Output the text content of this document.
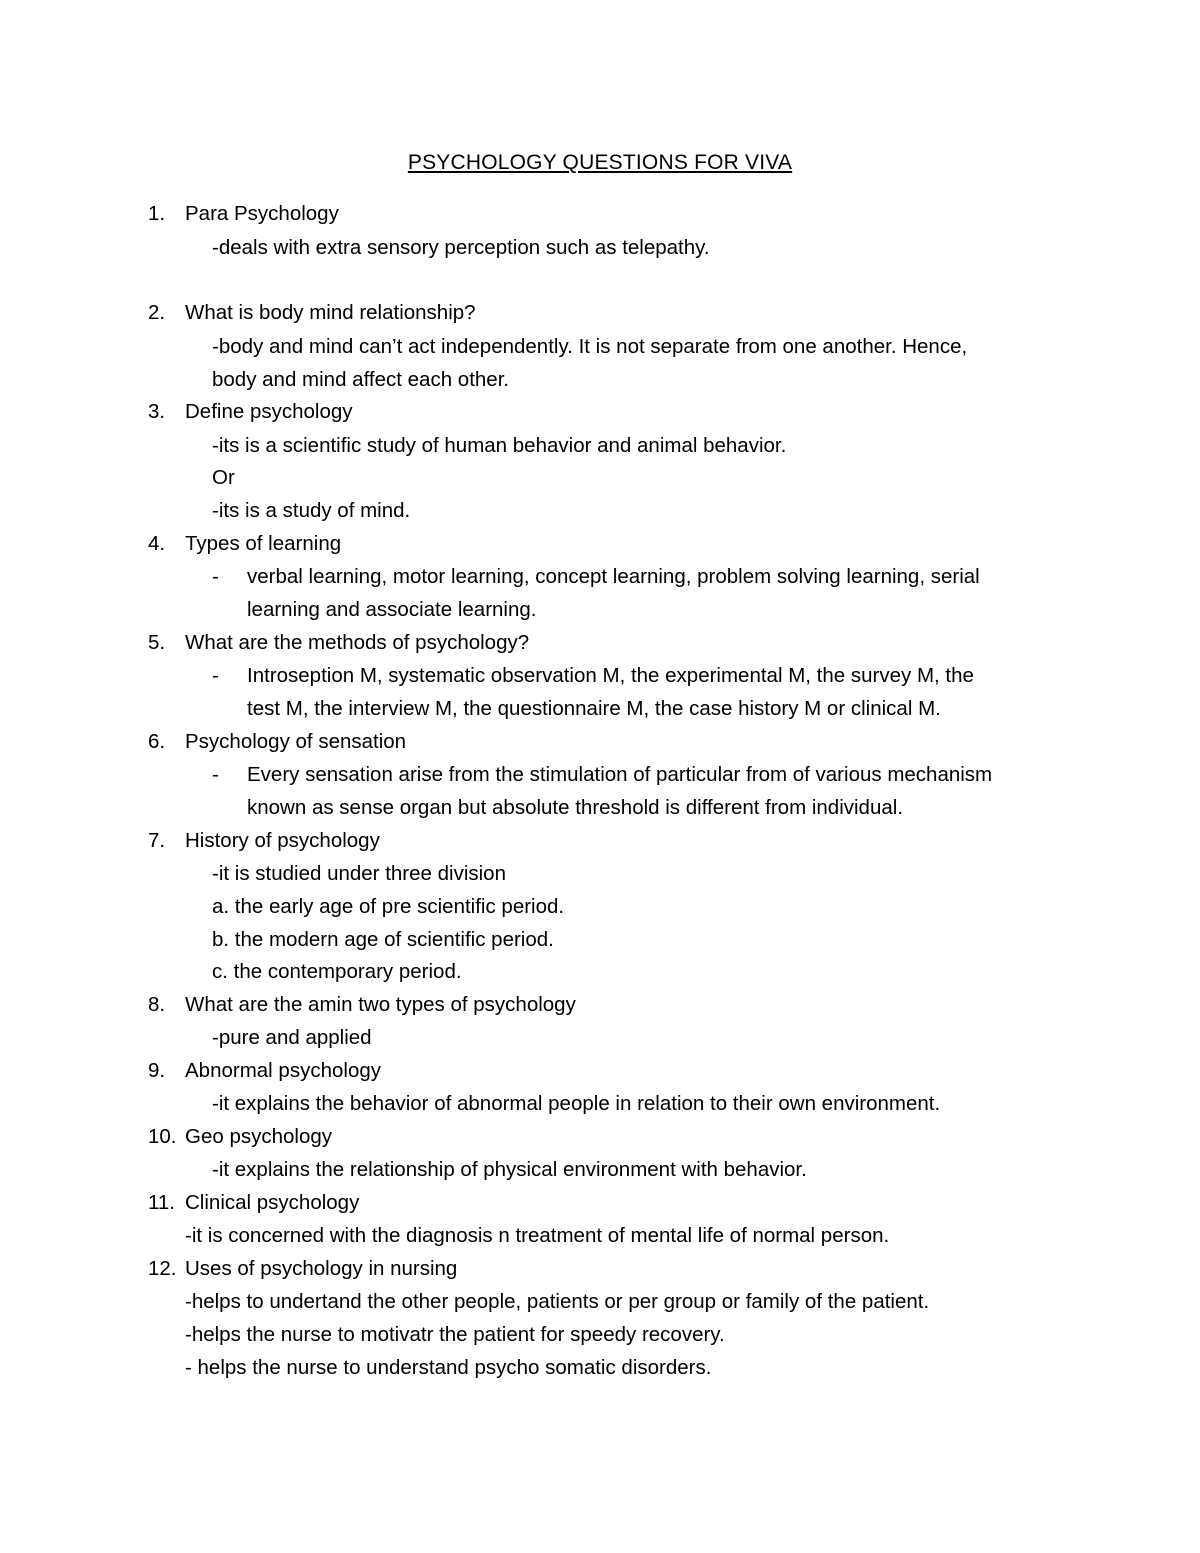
PSYCHOLOGY QUESTIONS FOR VIVA
1. Para Psychology
-deals with extra sensory perception such as telepathy.
2. What is body mind relationship?
-body and mind can’t act independently. It is not separate from one another. Hence,
body and mind affect each other.
3. Define psychology
-its is a scientific study of human behavior and animal behavior.
Or
-its is a study of mind.
4. Types of learning
- verbal learning, motor learning, concept learning, problem solving learning, serial
learning and associate learning.
5. What are the methods of psychology?
- Introseption M, systematic observation M, the experimental M, the survey M, the
test M, the interview M, the questionnaire M, the case history M or clinical M.
6. Psychology of sensation
- Every sensation arise from the stimulation of particular from of various mechanism
known as sense organ but absolute threshold is different from individual.
7. History of psychology
-it is studied under three division
a. the early age of pre scientific period.
b. the modern age of scientific period.
c. the contemporary period.
8. What are the amin two types of psychology
-pure and applied
9. Abnormal psychology
-it explains the behavior of abnormal people in relation to their own environment.
10. Geo psychology
-it explains the relationship of physical environment with behavior.
11. Clinical psychology
-it is concerned with the diagnosis n treatment of mental life of normal person.
12. Uses of psychology in nursing
-helps to undertand the other people, patients or per group or family of the patient.
-helps the nurse to motivatr the patient for speedy recovery.
- helps the nurse to understand psycho somatic disorders.
